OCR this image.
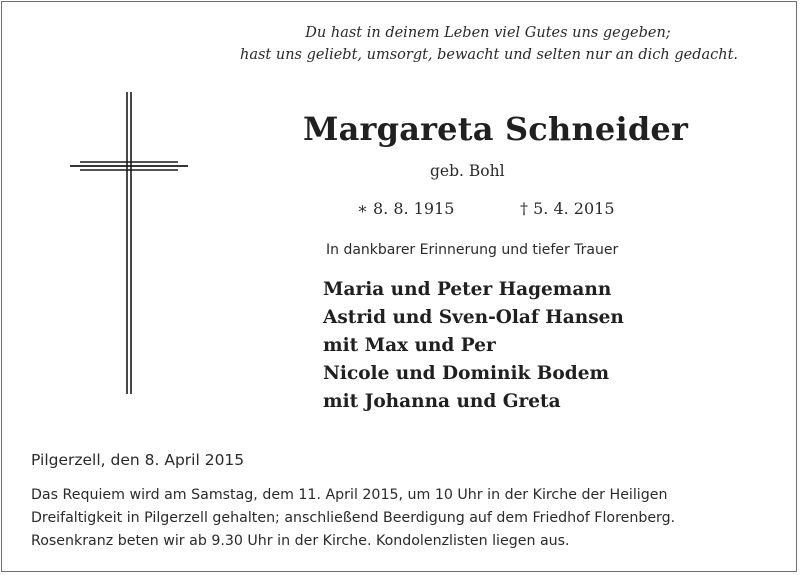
Du hast in deinem Leben viel Gutes uns gegeben;
hast uns geliebt, umsorgt, bewacht und selten nur an dich gedacht.
Margareta Schneider
geb. Bohl
∗ 8. 8. 1915	† 5. 4. 2015
In dankbarer Erinnerung und tiefer Trauer
Maria und Peter Hagemann
Astrid und Sven-Olaf Hansen
mit Max und Per
Nicole und Dominik Bodem
mit Johanna und Greta
Pilgerzell, den 8. April 2015
Das Requiem wird am Samstag, dem 11. April 2015, um 10 Uhr in der Kirche der Heiligen
Dreifaltigkeit in Pilgerzell gehalten; anschließend Beerdigung auf dem Friedhof Florenberg.
Rosenkranz beten wir ab 9.30 Uhr in der Kirche. Kondolenzlisten liegen aus.
